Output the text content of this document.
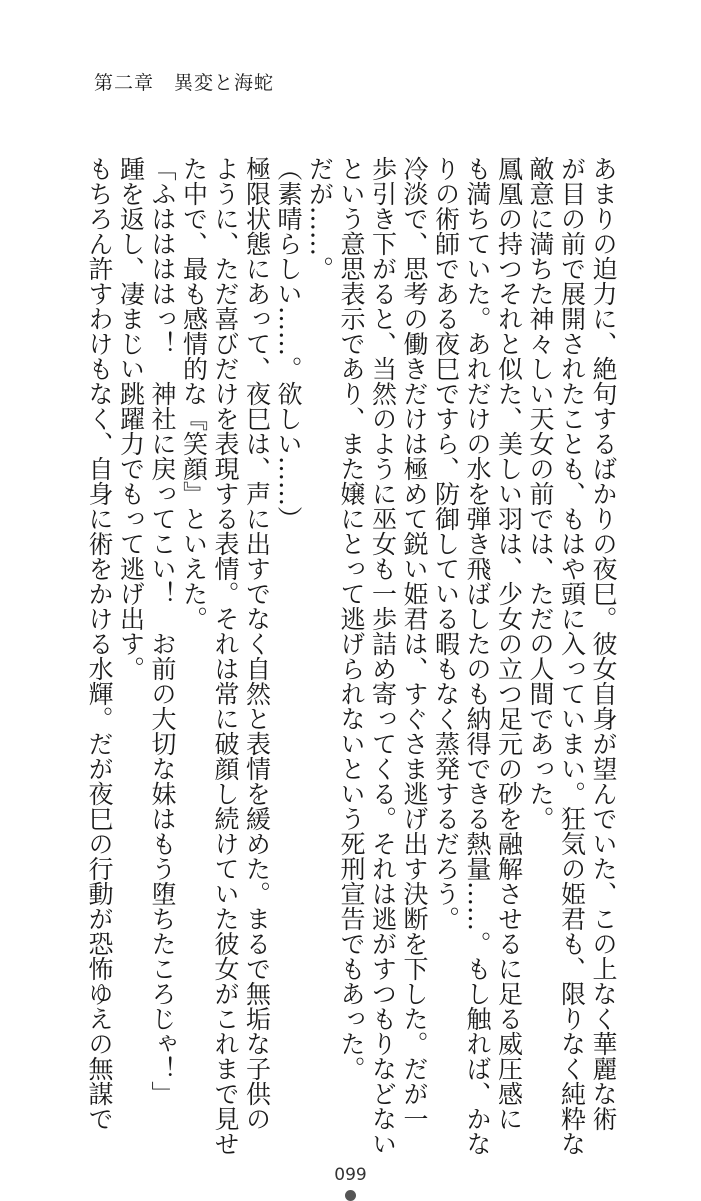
第二章　異変と海蛇
あまりの迫力に、絶句するばかりの夜巳。彼女自身が望んでいた、この上なく華麗な術
が目の前で展開されたことも、もはや頭に入っていまい。狂気の姫君も、限りなく純粋な
敵意に満ちた神々しい天女の前では、ただの人間であった。
鳳凰の持つそれと似た、美しい羽は、少女の立つ足元の砂を融解させるに足る威圧感に
も満ちていた。あれだけの水を弾き飛ばしたのも納得できる熱量……。もし触れば、かな
りの術師である夜巳ですら、防御している暇もなく蒸発するだろう。
冷淡で、思考の働きだけは極めて鋭い姫君は、すぐさま逃げ出す決断を下した。だが一
歩引き下がると、当然のように巫女も一歩詰め寄ってくる。それは逃がすつもりなどない
という意思表示であり、また嬢にとって逃げられないという死刑宣告でもあった。
だが……。
（素晴らしい……。欲しい……）
極限状態にあって、夜巳は、声に出すでなく自然と表情を緩めた。まるで無垢な子供の
ように、ただ喜びだけを表現する表情。それは常に破顔し続けていた彼女がこれまで見せ
た中で、最も感情的な『笑顔』といえた。
「ふははははっ！　神社に戻ってこい！　お前の大切な妹はもう堕ちたころじゃ！」
踵を返し、凄まじい跳躍力でもって逃げ出す。
もちろん許すわけもなく、自身に術をかける水輝。だが夜巳の行動が恐怖ゆえの無謀で
099
